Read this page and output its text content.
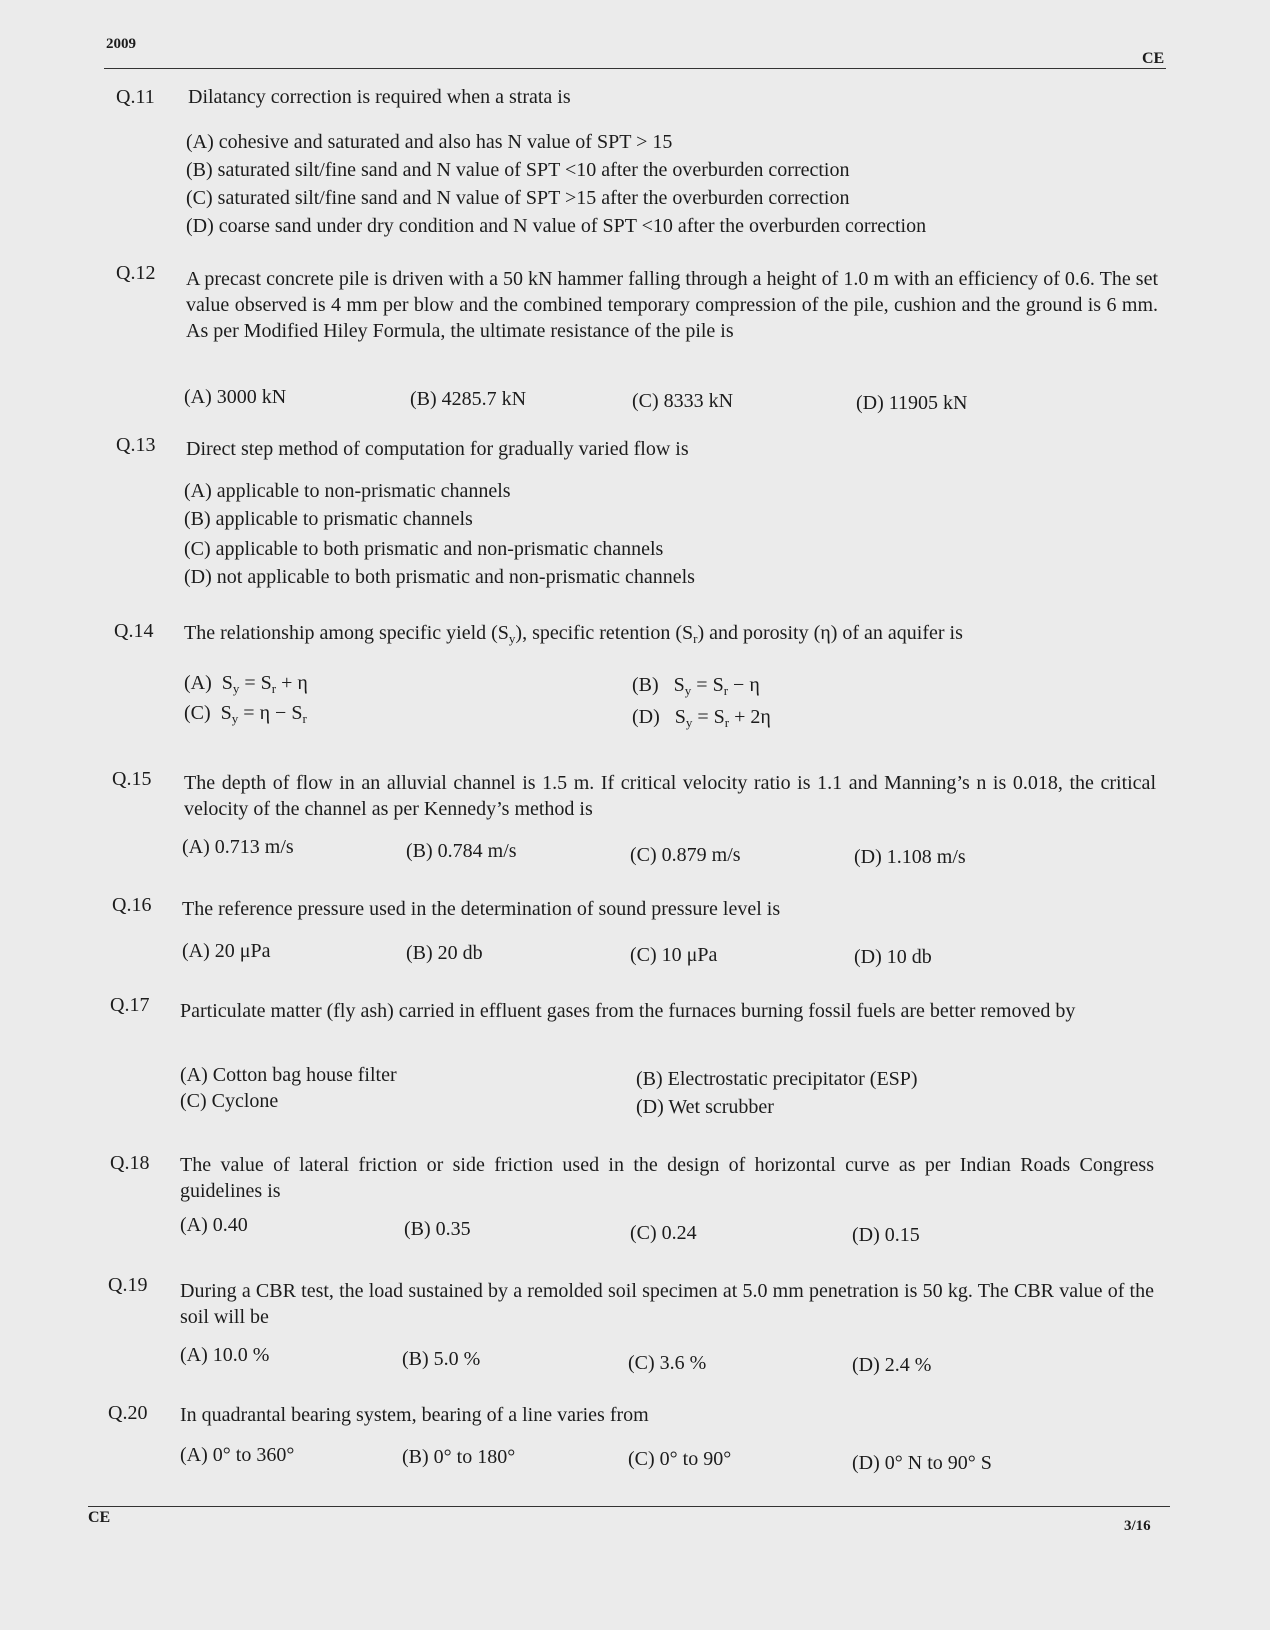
2009
CE
Q.11 Dilatancy correction is required when a strata is
(A) cohesive and saturated and also has N value of SPT > 15
(B) saturated silt/fine sand and N value of SPT <10 after the overburden correction
(C) saturated silt/fine sand and N value of SPT >15 after the overburden correction
(D) coarse sand under dry condition and N value of SPT <10 after the overburden correction
Q.12 A precast concrete pile is driven with a 50 kN hammer falling through a height of 1.0 m with an efficiency of 0.6. The set value observed is 4 mm per blow and the combined temporary compression of the pile, cushion and the ground is 6 mm. As per Modified Hiley Formula, the ultimate resistance of the pile is
(A) 3000 kN	(B) 4285.7 kN	(C) 8333 kN	(D) 11905 kN
Q.13 Direct step method of computation for gradually varied flow is
(A) applicable to non-prismatic channels
(B) applicable to prismatic channels
(C) applicable to both prismatic and non-prismatic channels
(D) not applicable to both prismatic and non-prismatic channels
Q.14 The relationship among specific yield $(S_y)$, specific retention $(S_r)$ and porosity (η) of an aquifer is
(A) $S_y = S_r + \eta$	(B) $S_y = S_r - \eta$
(C) $S_y = \eta - S_r$	(D) $S_y = S_r + 2\eta$
Q.15 The depth of flow in an alluvial channel is 1.5 m. If critical velocity ratio is 1.1 and Manning’s n is 0.018, the critical velocity of the channel as per Kennedy’s method is
(A) 0.713 m/s	(B) 0.784 m/s	(C) 0.879 m/s	(D) 1.108 m/s
Q.16 The reference pressure used in the determination of sound pressure level is
(A) 20 μPa	(B) 20 db	(C) 10 μPa	(D) 10 db
Q.17 Particulate matter (fly ash) carried in effluent gases from the furnaces burning fossil fuels are better removed by
(A) Cotton bag house filter	(B) Electrostatic precipitator (ESP)
(C) Cyclone	(D) Wet scrubber
Q.18 The value of lateral friction or side friction used in the design of horizontal curve as per Indian Roads Congress guidelines is
(A) 0.40	(B) 0.35	(C) 0.24	(D) 0.15
Q.19 During a CBR test, the load sustained by a remolded soil specimen at 5.0 mm penetration is 50 kg. The CBR value of the soil will be
(A) 10.0 %	(B) 5.0 %	(C) 3.6 %	(D) 2.4 %
Q.20 In quadrantal bearing system, bearing of a line varies from
(A) 0° to 360°	(B) 0° to 180°	(C) 0° to 90°	(D) 0° N to 90° S
CE	3/16
